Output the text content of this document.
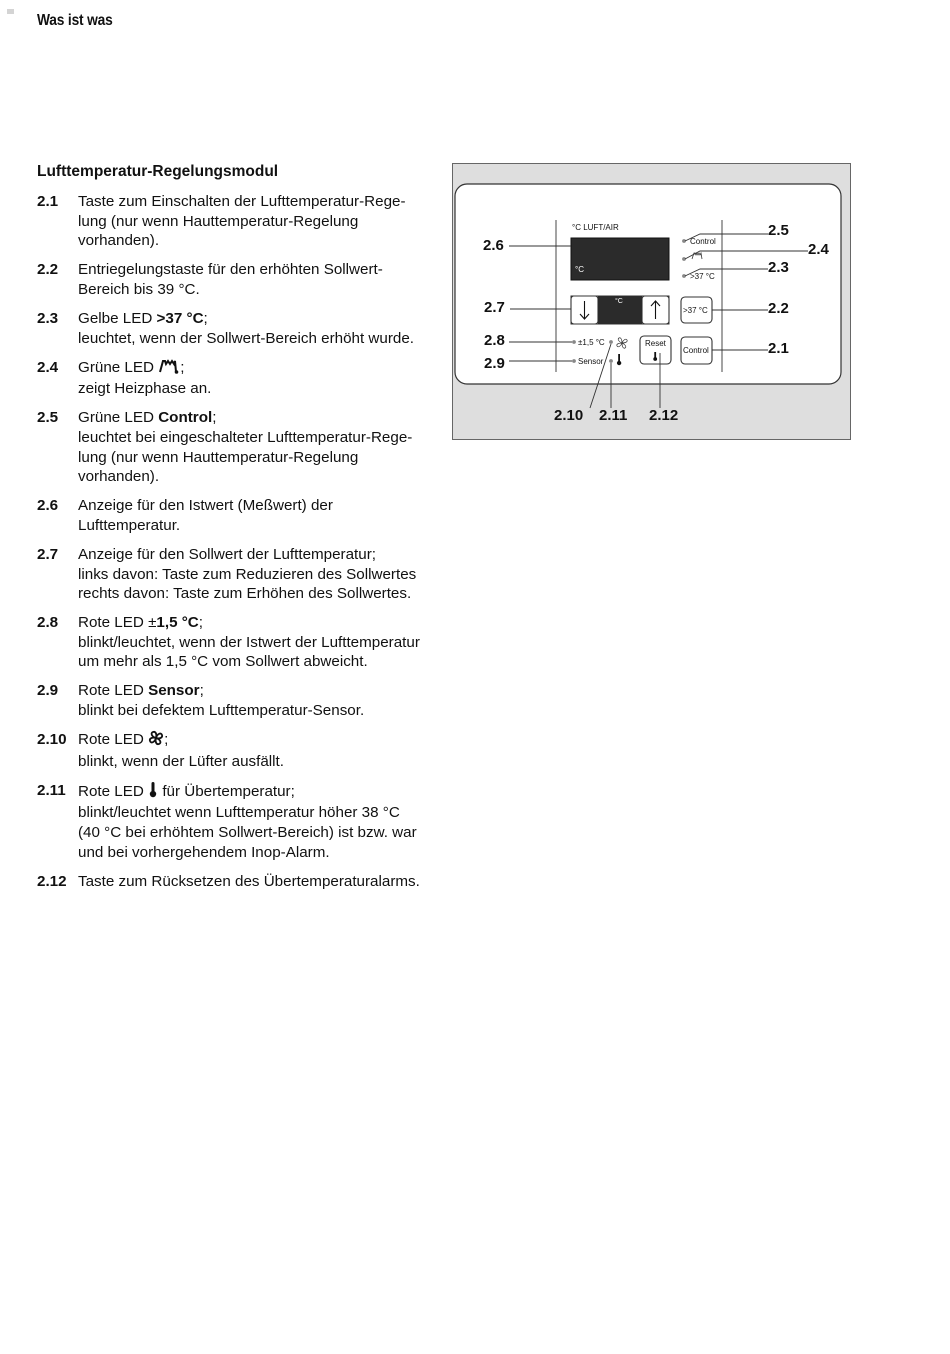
Was ist was
Lufttemperatur-Regelungsmodul
2.1 Taste zum Einschalten der Lufttemperatur-Rege-
lung (nur wenn Hauttemperatur-Regelung
vorhanden).
2.2 Entriegelungstaste für den erhöhten Sollwert-
Bereich bis 39 °C.
2.3 Gelbe LED >37 °C;
leuchtet, wenn der Sollwert-Bereich erhöht wurde.
2.4 Grüne LED ;
zeigt Heizphase an.
2.5 Grüne LED Control;
leuchtet bei eingeschalteter Lufttemperatur-Rege-
lung (nur wenn Hauttemperatur-Regelung
vorhanden).
2.6 Anzeige für den Istwert (Meßwert) der
Lufttemperatur.
2.7 Anzeige für den Sollwert der Lufttemperatur;
links davon: Taste zum Reduzieren des Sollwertes
rechts davon: Taste zum Erhöhen des Sollwertes.
2.8 Rote LED ±1,5 °C;
blinkt/leuchtet, wenn der Istwert der Lufttemperatur
um mehr als 1,5 °C vom Sollwert abweicht.
2.9 Rote LED Sensor;
blinkt bei defektem Lufttemperatur-Sensor.
2.10 Rote LED ;
blinkt, wenn der Lüfter ausfällt.
2.11 Rote LED  für Übertemperatur;
blinkt/leuchtet wenn Lufttemperatur höher 38 °C
(40 °C bei erhöhtem Sollwert-Bereich) ist bzw. war
und bei vorhergehendem Inop-Alarm.
2.12 Taste zum Rücksetzen des Übertemperaturalarms.
°C LUFT/AIR
°C
°C
Control
>37 °C
>37 °C
Control
Reset
±1,5 °C
Sensor
2.6
2.5
2.4
2.3
2.7	2.2
2.8	2.1
2.9
2.10 2.11 2.12
